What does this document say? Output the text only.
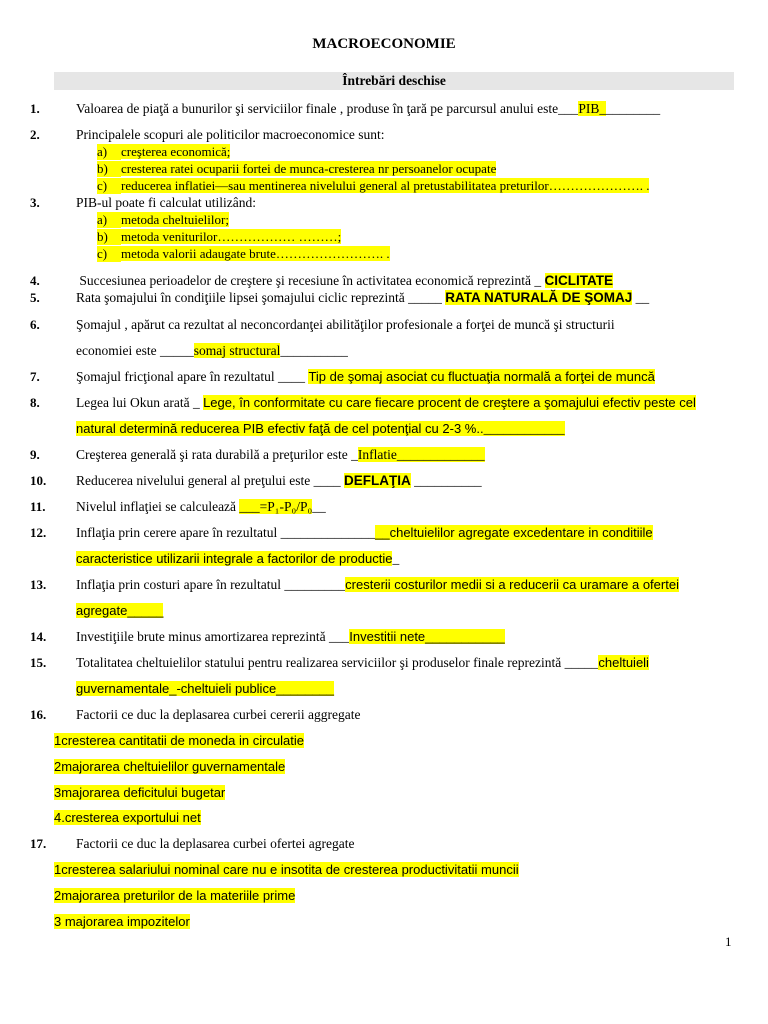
MACROECONOMIE
Întrebări deschise
1.	Valoarea de piaţă a bunurilor şi serviciilor finale , produse în ţară pe parcursul anului este___PIB_________
2.	Principalele scopuri ale politicilor macroeconomice sunt:
a) creşterea economică;
b) cresterea ratei ocuparii fortei de munca-cresterea nr persoanelor ocupate
c) reducerea inflatiei—sau mentinerea nivelului general al pretustabilitatea preturilor…………………. .
3.	PIB-ul poate fi calculat utilizând:
a) metoda cheltuielilor;
b) metoda veniturilor……………… ………;
c) metoda valorii adaugate brute……………………. .
4.	Succesiunea perioadelor de creştere şi recesiune în activitatea economică reprezintă _ CICLITATE
5.	Rata şomajului în condiţiile lipsei şomajului ciclic reprezintă _____ RATA NATURALĂ DE ŞOMAJ __
6.	Şomajul , apărut ca rezultat al neconcordanţei abilităţilor profesionale a forţei de muncă şi structurii
economiei este _____somaj structural__________
7.	Şomajul fricţional apare în rezultatul ____ Tip de şomaj asociat cu fluctuaţia normală a forţei de muncă
8.	Legea lui Okun arată _ Lege, în conformitate cu care fiecare procent de creştere a şomajului efectiv peste cel
natural determină reducerea PIB efectiv faţă de cel potenţial cu 2-3 %..____________
9.	Creşterea generală şi rata durabilă a preţurilor este _Inflatie_____________
10. Reducerea nivelului general al preţului este ____ DEFLAŢIA __________
11. Nivelul inflaţiei se calculează ___=P₁-P₀/P₀__
12. Inflaţia prin cerere apare în rezultatul ________________cheltuielilor agregate excedentare in conditiile
caracteristice utilizarii integrale a factorilor de productie_
13. Inflaţia prin costuri apare în rezultatul _________cresterii costurilor medii si a reducerii ca uramare a ofertei
agregate_____
14. Investiţiile brute minus amortizarea reprezintă ___Investitii nete___________
15. Totalitatea cheltuielilor statului pentru realizarea serviciilor şi produselor finale reprezintă _____cheltuieli
guvernamentale_-cheltuieli publice________
16. Factorii ce duc la deplasarea curbei cererii aggregate
1cresterea cantitatii de moneda in circulatie
2majorarea cheltuielilor guvernamentale
3majorarea deficitului bugetar
4.cresterea exportului net
17. Factorii ce duc la deplasarea curbei ofertei agregate
1cresterea salariului nominal care nu e insotita de cresterea productivitatii muncii
2majorarea preturilor de la materiile prime
3 majorarea impozitelor
1
